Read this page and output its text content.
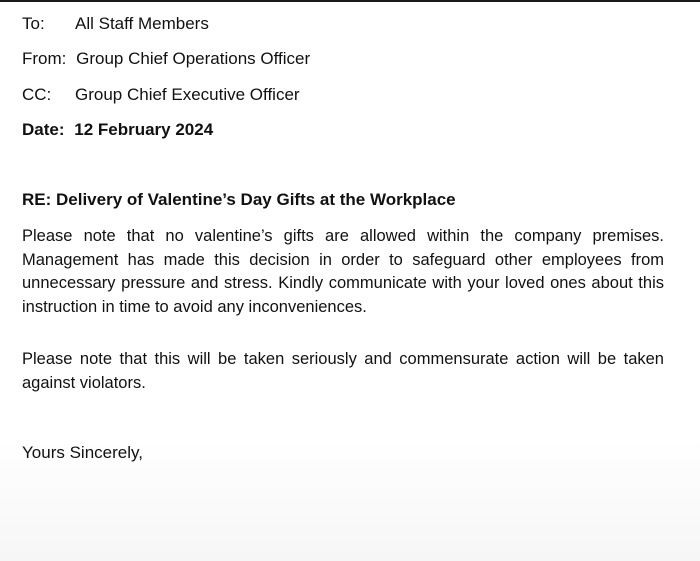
To: All Staff Members
From: Group Chief Operations Officer
CC: Group Chief Executive Officer
Date: 12 February 2024
RE: Delivery of Valentine’s Day Gifts at the Workplace

Please note that no valentine’s gifts are allowed within the company premises. Management has made this decision in order to safeguard other employees from unnecessary pressure and stress. Kindly communicate with your loved ones about this instruction in time to avoid any inconveniences.

Please note that this will be taken seriously and commensurate action will be taken against violators.

Yours Sincerely,
